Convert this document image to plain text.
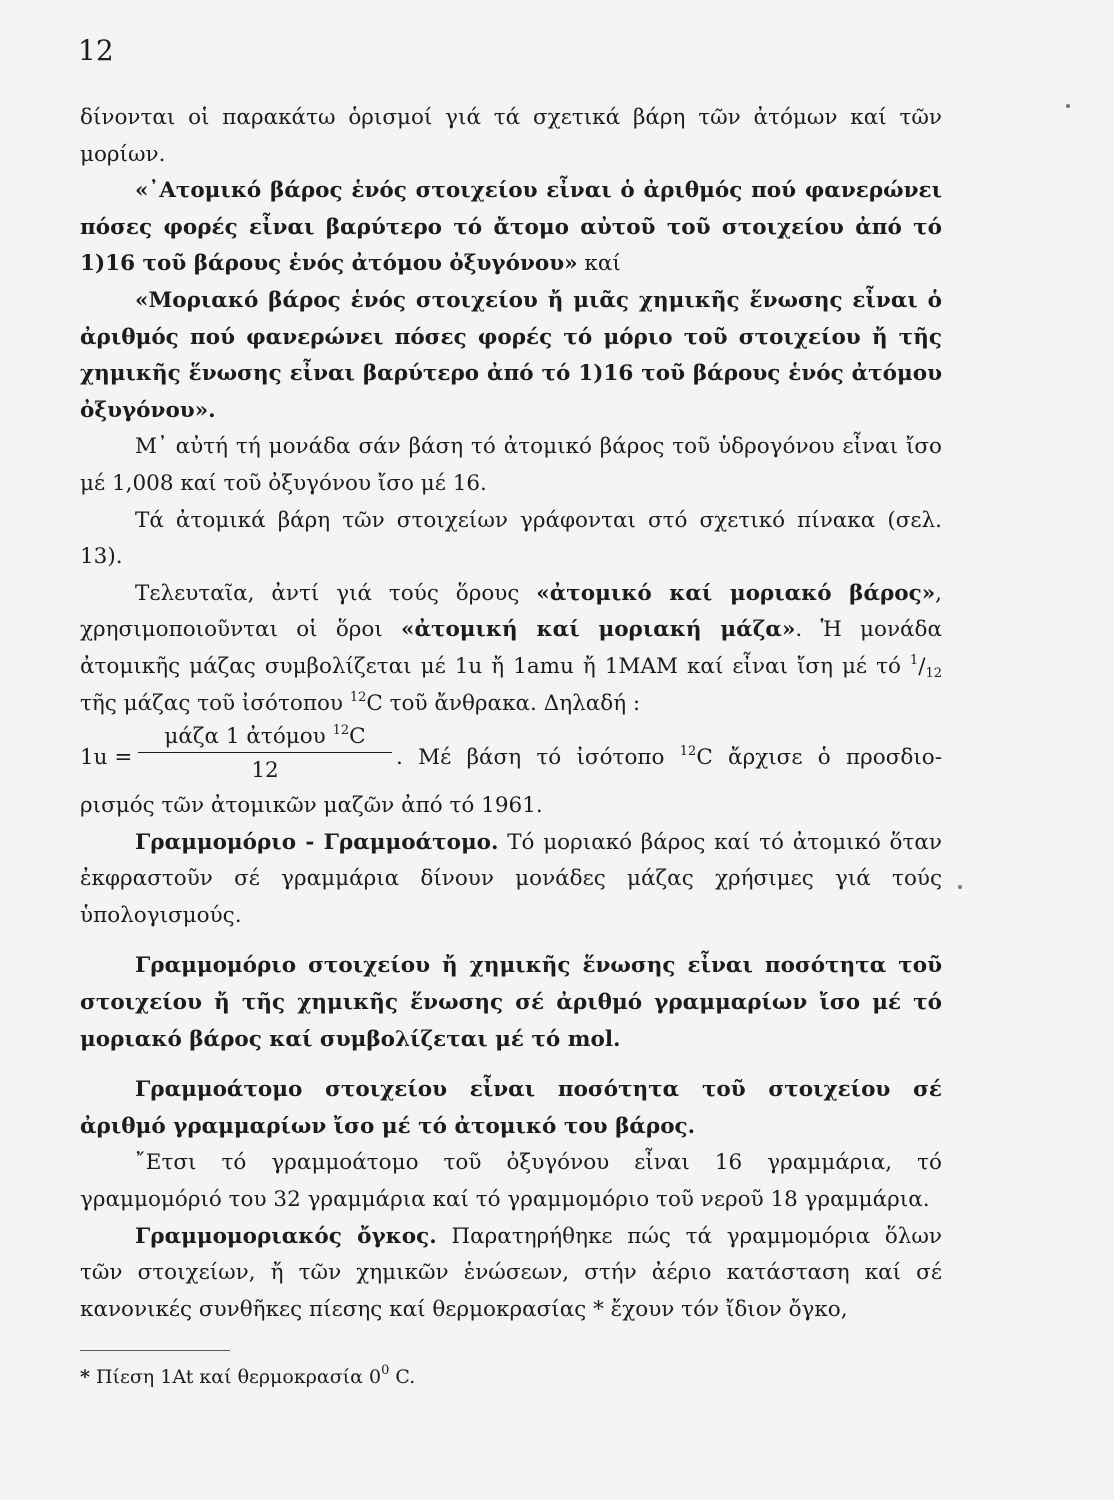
12

δίνονται οἱ παρακάτω ὁρισμοί γιά τά σχετικά βάρη τῶν ἀτόμων καί τῶν μορίων.

«᾽Ατομικό βάρος ἑνός στοιχείου εἶναι ὁ ἀριθμός πού φανερώνει πόσες φορές εἶναι βαρύτερο τό ἄτομο αὐτοῦ τοῦ στοιχείου ἀπό τό 1)16 τοῦ βάρους ἑνός ἀτόμου ὀξυγόνου» καί

«Μοριακό βάρος ἑνός στοιχείου ἤ μιᾶς χημικῆς ἕνωσης εἶναι ὁ ἀριθμός πού φανερώνει πόσες φορές τό μόριο τοῦ στοιχείου ἤ τῆς χημικῆς ἕνωσης εἶναι βαρύτερο ἀπό τό 1)16 τοῦ βάρους ἑνός ἀτόμου ὀξυγόνου».

Μ᾽ αὐτή τή μονάδα σάν βάση τό ἀτομικό βάρος τοῦ ὑδρογόνου εἶναι ἴσο μέ 1,008 καί τοῦ ὀξυγόνου ἴσο μέ 16.

Τά ἀτομικά βάρη τῶν στοιχείων γράφονται στό σχετικό πίνακα (σελ. 13).

Τελευταῖα, ἀντί γιά τούς ὅρους «ἀτομικό καί μοριακό βάρος», χρησιμοποιοῦνται οἱ ὅροι «ἀτομική καί μοριακή μάζα». Ἡ μονάδα ἀτομικῆς μάζας συμβολίζεται μέ 1u ἤ 1amu ἤ 1ΜΑΜ καί εἶναι ἴση μέ τό $^1/_{12}$ τῆς μάζας τοῦ ἰσότοπου $^{12}$C τοῦ ἄνθρακα. Δηλαδή :

1u =
μάζα 1 ἀτόμου $^{12}$C
12
. Μέ βάση τό ἰσότοπο $^{12}$C ἄρχισε ὁ προσδιο-

ρισμός τῶν ἀτομικῶν μαζῶν ἀπό τό 1961.

Γραμμομόριο - Γραμμοάτομο. Τό μοριακό βάρος καί τό ἀτομικό ὅταν ἐκφραστοῦν σέ γραμμάρια δίνουν μονάδες μάζας χρήσιμες γιά τούς ὑπολογισμούς.

Γραμμομόριο στοιχείου ἤ χημικῆς ἕνωσης εἶναι ποσότητα τοῦ στοιχείου ἤ τῆς χημικῆς ἕνωσης σέ ἀριθμό γραμμαρίων ἴσο μέ τό μοριακό βάρος καί συμβολίζεται μέ τό mol.

Γραμμοάτομο στοιχείου εἶναι ποσότητα τοῦ στοιχείου σέ ἀριθμό γραμμαρίων ἴσο μέ τό ἀτομικό του βάρος.

῎Ετσι τό γραμμοάτομο τοῦ ὀξυγόνου εἶναι 16 γραμμάρια, τό γραμμομόριό του 32 γραμμάρια καί τό γραμμομόριο τοῦ νεροῦ 18 γραμμάρια.

Γραμμομοριακός ὄγκος. Παρατηρήθηκε πώς τά γραμμομόρια ὅλων τῶν στοιχείων, ἤ τῶν χημικῶν ἑνώσεων, στήν ἀέριο κατάσταση καί σέ κανονικές συνθῆκες πίεσης καί θερμοκρασίας * ἔχουν τόν ἴδιον ὄγκο,

* Πίεση 1At καί θερμοκρασία $0^0$ C.
